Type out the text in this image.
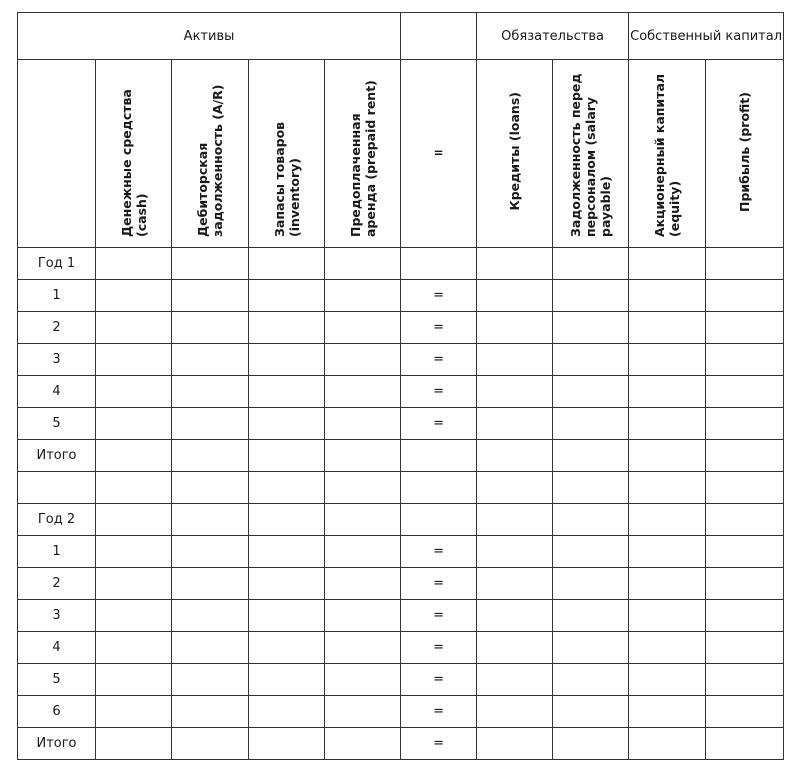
Активы						Обязательства		Собственный капитал	
	Денежные средства (cash)	Дебиторская задолженность (A/R)	Запасы товаров (inventory)	Предоплаченная аренда (prepaid rent)	=	Кредиты (loans)	Задолженность перед персоналом (salary payable)	Акционерный капитал (equity)	Прибыль (profit)
Год 1									
1					=				
2					=				
3					=				
4					=				
5					=				
Итого									

Год 2									
1					=				
2					=				
3					=				
4					=				
5					=				
6					=				
Итого					=				
